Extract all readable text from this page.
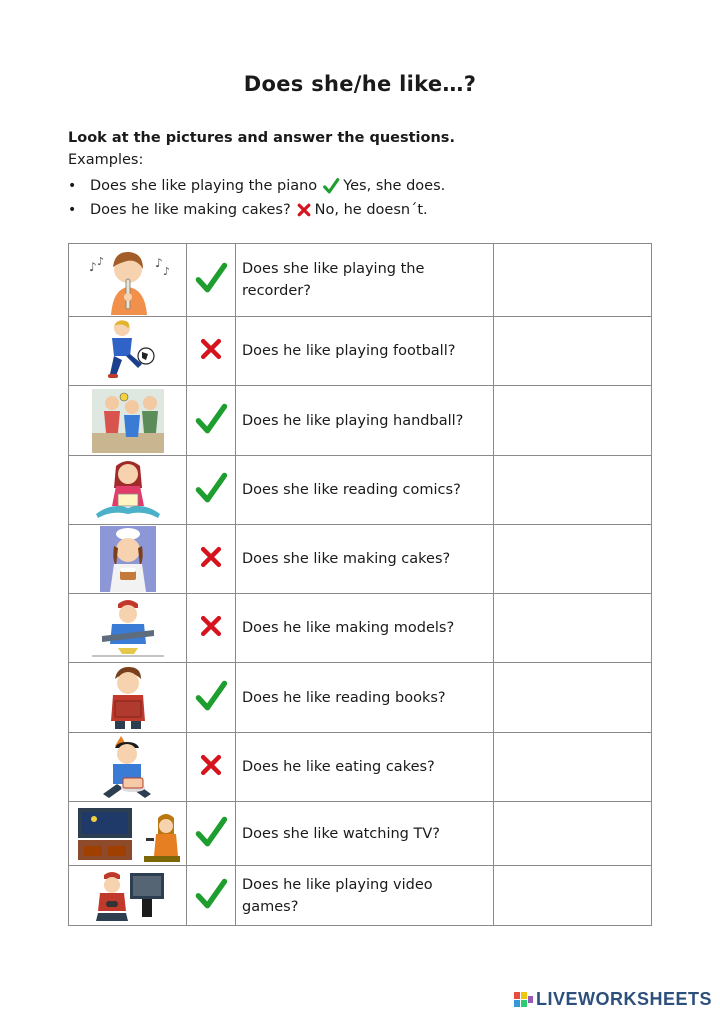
Does she/he like…?
Look at the pictures and answer the questions.
Examples:
• Does she like playing the piano Yes, she does.
• Does he like making cakes? No, he doesn´t.
♪ ♪ ♪
♪		Does she like playing the recorder?	

		Does he like playing football?	

		Does he like playing handball?	

		Does she like reading comics?	

		Does she like making cakes?	

		Does he like making models?	

		Does he like reading books?	

		Does he like eating cakes?	

		Does she like watching TV?	

		Does he like playing video games?	
LIVEWORKSHEETS
